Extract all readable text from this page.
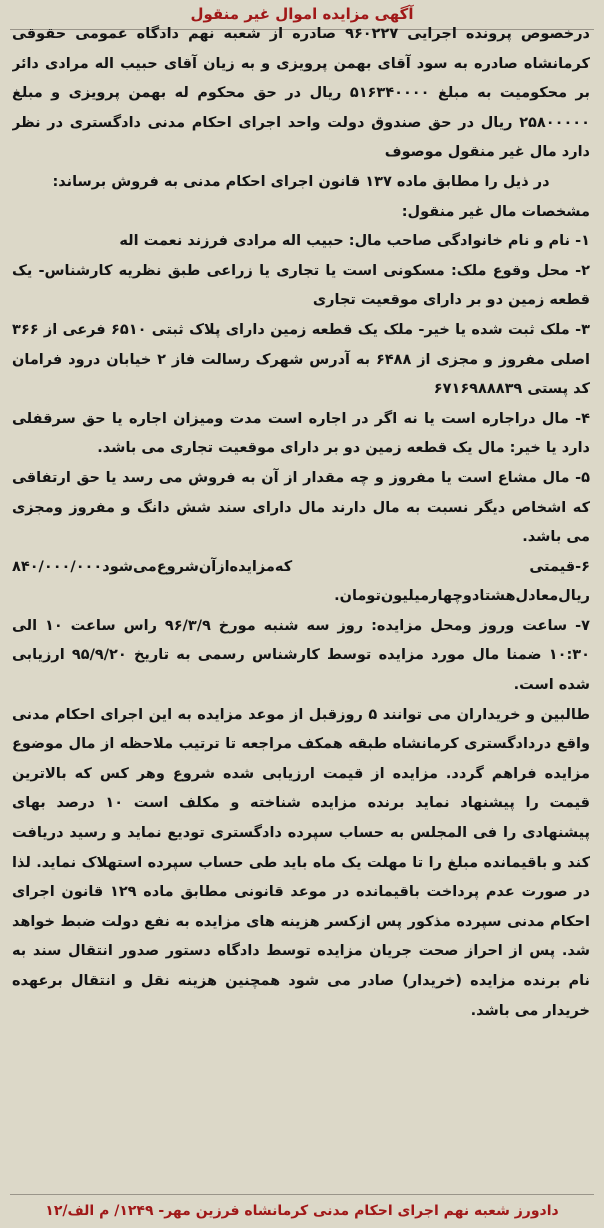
آگهی مزایده اموال غیر منقول

درخصوص پرونده اجرایی ۹۶۰۲۲۷ صادره از شعبه نهم دادگاه عمومی حقوقی کرمانشاه صادره به سود آقای بهمن پرویزی و به زیان آقای حبیب اله مرادی دائر بر محکومیت به مبلغ ۵۱۶۳۴۰۰۰۰ ریال در حق محکوم له بهمن پرویزی و مبلغ ۲۵۸۰۰۰۰۰ ریال در حق صندوق دولت واحد اجرای احکام مدنی دادگستری در نظر دارد مال غیر منقول موصوف

در ذیل را مطابق ماده ۱۳۷ قانون اجرای احکام مدنی به فروش برساند:

مشخصات مال غیر منقول:

۱- نام و نام خانوادگی صاحب مال: حبیب اله مرادی فرزند نعمت اله

۲- محل وقوع ملک: مسکونی است یا تجاری یا زراعی طبق نظریه کارشناس- یک قطعه زمین دو بر دارای موقعیت تجاری

۳- ملک ثبت شده یا خیر- ملک یک قطعه زمین دارای پلاک ثبتی ۶۵۱۰ فرعی از ۳۶۶ اصلی مفروز و مجزی از ۶۴۸۸ به آدرس شهرک رسالت فاز ۲ خیابان درود فرامان کد پستی ۶۷۱۶۹۸۸۸۳۹

۴- مال دراجاره است یا نه اگر در اجاره است مدت ومیزان اجاره یا حق سرقفلی دارد یا خیر: مال یک قطعه زمین دو بر دارای موقعیت تجاری می باشد.

۵- مال مشاع است یا مفروز و چه مقدار از آن به فروش می رسد یا حق ارتفاقی که اشخاص دیگر نسبت به مال دارند مال دارای سند شش دانگ و مفروز ومجزی می باشد.

۶-قیمتی که‌مزایده‌ازآن‌شروع‌می‌شود۸۴۰/۰۰۰/۰۰۰ ریال‌معادل‌هشتادوچهارمیلیون‌تومان.

۷- ساعت وروز ومحل مزایده: روز سه شنبه مورخ ۹۶/۳/۹ راس ساعت ۱۰ الی ۱۰:۳۰ ضمنا مال مورد مزایده توسط کارشناس رسمی به تاریخ ۹۵/۹/۲۰ ارزیابی شده است.

طالبین و خریداران می توانند ۵ روزقبل از موعد مزایده به این اجرای احکام مدنی واقع دردادگستری کرمانشاه طبقه همکف مراجعه تا ترتیب ملاحظه از مال موضوع مزایده فراهم گردد. مزایده از قیمت ارزیابی شده شروع وهر کس که بالاترین قیمت را پیشنهاد نماید برنده مزایده شناخته و مکلف است ۱۰ درصد بهای پیشنهادی را فی المجلس به حساب سپرده دادگستری تودیع نماید و رسید دریافت کند و باقیمانده مبلغ را تا مهلت یک ماه باید طی حساب سپرده استهلاک نماید. لذا در صورت عدم پرداخت باقیمانده در موعد قانونی مطابق ماده ۱۲۹ قانون اجرای احکام مدنی سپرده مذکور پس ازکسر هزینه های مزایده به نفع دولت ضبط خواهد شد. پس از احراز صحت جریان مزایده توسط دادگاه دستور صدور انتقال سند به نام برنده مزایده (خریدار) صادر می شود همچنین هزینه نقل و انتقال برعهده خریدار می باشد.

دادورز شعبه نهم اجرای احکام مدنی کرمانشاه فرزین مهر- ۱۲۴۹/ م الف/۱۲
